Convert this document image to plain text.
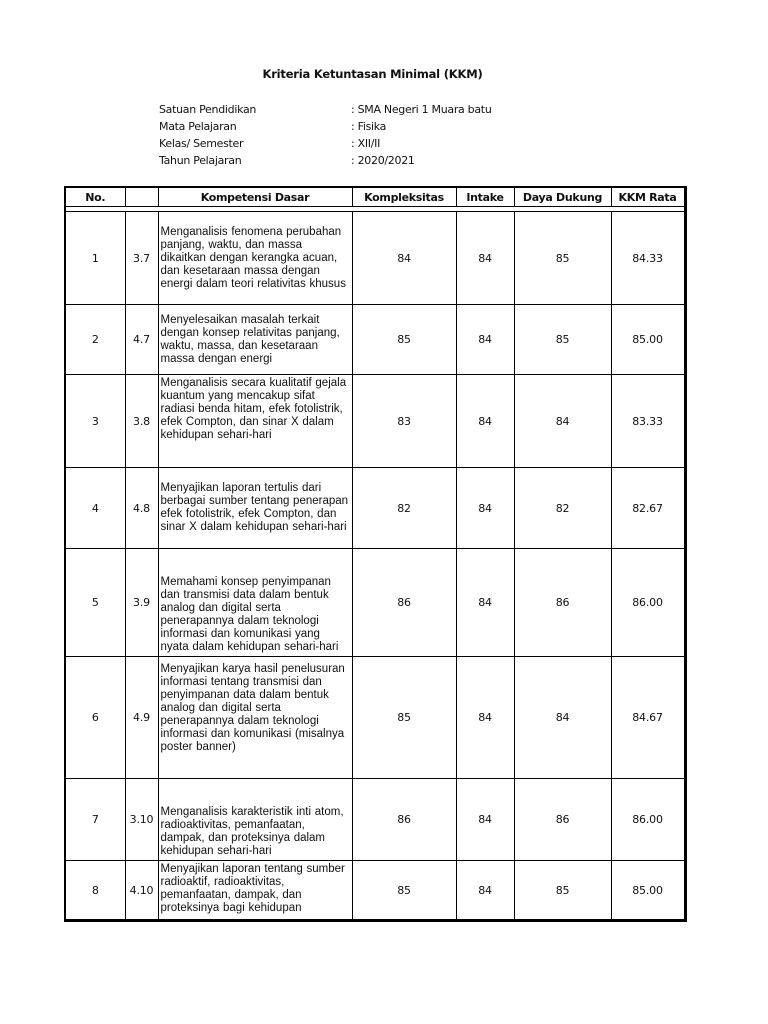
Kriteria Ketuntasan Minimal (KKM)
Satuan Pendidikan	: SMA Negeri 1 Muara batu
Mata Pelajaran	: Fisika
Kelas/ Semester	: XII/II
Tahun Pelajaran	: 2020/2021
No.		Kompetensi Dasar	Kompleksitas	Intake	Daya Dukung	KKM Rata

1	3.7	Menganalisis fenomena perubahan panjang, waktu, dan massa dikaitkan dengan kerangka acuan, dan kesetaraan massa dengan energi dalam teori relativitas khusus	84	84	85	84.33
2	4.7	Menyelesaikan masalah terkait dengan konsep relativitas panjang, waktu, massa, dan kesetaraan massa dengan energi	85	84	85	85.00
3	3.8	Menganalisis secara kualitatif gejala kuantum yang mencakup sifat radiasi benda hitam, efek fotolistrik, efek Compton, dan sinar X dalam kehidupan sehari-hari	83	84	84	83.33
4	4.8	Menyajikan laporan tertulis dari berbagai sumber tentang penerapan efek fotolistrik, efek Compton, dan sinar X dalam kehidupan sehari-hari	82	84	82	82.67
5	3.9	Memahami konsep penyimpanan dan transmisi data dalam bentuk analog dan digital serta penerapannya dalam teknologi informasi dan komunikasi yang nyata dalam kehidupan sehari-hari	86	84	86	86.00
6	4.9	Menyajikan karya hasil penelusuran informasi tentang transmisi dan penyimpanan data dalam bentuk analog dan digital serta penerapannya dalam teknologi informasi dan komunikasi (misalnya poster banner)	85	84	84	84.67
7	3.10	Menganalisis karakteristik inti atom, radioaktivitas, pemanfaatan, dampak, dan proteksinya dalam kehidupan sehari-hari	86	84	86	86.00
8	4.10	Menyajikan laporan tentang sumber radioaktif, radioaktivitas, pemanfaatan, dampak, dan proteksinya bagi kehidupan	85	84	85	85.00
